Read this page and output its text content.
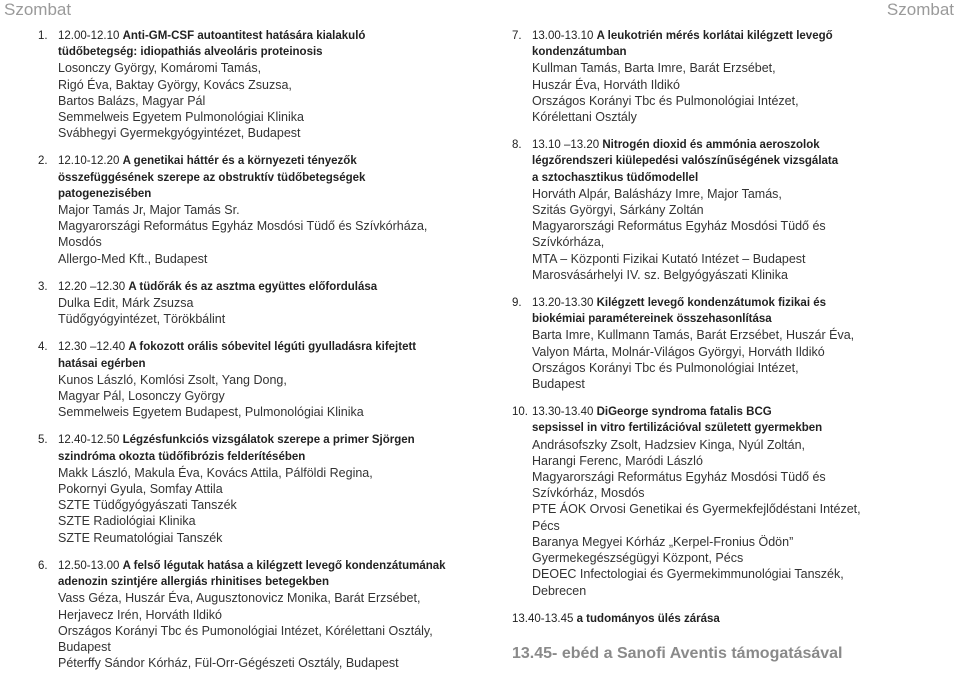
Szombat	Szombat
1. 12.00-12.10 Anti-GM-CSF autoantitest hatására kialakuló
tüdőbetegség: idiopathiás alveoláris proteinosis
Losonczy György, Komáromi Tamás,
Rigó Éva, Baktay György, Kovács Zsuzsa,
Bartos Balázs, Magyar Pál
Semmelweis Egyetem Pulmonológiai Klinika
Svábhegyi Gyermekgyógyintézet, Budapest
2. 12.10-12.20 A genetikai háttér és a környezeti tényezők
összefüggésének szerepe az obstruktív tüdőbetegségek
patogenezisében
Major Tamás Jr, Major Tamás Sr.
Magyarországi Református Egyház Mosdósi Tüdő és Szívkórháza,
Mosdós
Allergo-Med Kft., Budapest
3. 12.20 –12.30 A tüdőrák és az asztma együttes előfordulása
Dulka Edit, Márk Zsuzsa
Tüdőgyógyintézet, Törökbálint
4. 12.30 –12.40 A fokozott orális sóbevitel légúti gyulladásra kifejtett
hatásai egérben
Kunos László, Komlósi Zsolt, Yang Dong,
Magyar Pál, Losonczy György
Semmelweis Egyetem Budapest, Pulmonológiai Klinika
5. 12.40-12.50 Légzésfunkciós vizsgálatok szerepe a primer Sjörgen
szindróma okozta tüdőfibrózis felderítésében
Makk László, Makula Éva, Kovács Attila, Pálföldi Regina,
Pokornyi Gyula, Somfay Attila
SZTE Tüdőgyógyászati Tanszék
SZTE Radiológiai Klinika
SZTE Reumatológiai Tanszék
6. 12.50-13.00 A felső légutak hatása a kilégzett levegő kondenzátumának
adenozin szintjére allergiás rhinitises betegekben
Vass Géza, Huszár Éva, Augusztonovicz Monika, Barát Erzsébet,
Herjavecz Irén, Horváth Ildikó
Országos Korányi Tbc és Pumonológiai Intézet, Kórélettani Osztály,
Budapest
Péterffy Sándor Kórház, Fül-Orr-Gégészeti Osztály, Budapest
7. 13.00-13.10 A leukotrién mérés korlátai kilégzett levegő
kondenzátumban
Kullman Tamás, Barta Imre, Barát Erzsébet,
Huszár Éva, Horváth Ildikó
Országos Korányi Tbc és Pulmonológiai Intézet,
Kórélettani Osztály
8. 13.10 –13.20 Nitrogén dioxid és ammónia aeroszolok
légzőrendszeri kiülepedési valószínűségének vizsgálata
a sztochasztikus tüdőmodellel
Horváth Alpár, Balásházy Imre, Major Tamás,
Szitás Györgyi, Sárkány Zoltán
Magyarországi Református Egyház Mosdósi Tüdő és
Szívkórháza,
MTA – Központi Fizikai Kutató Intézet – Budapest
Marosvásárhelyi IV. sz. Belgyógyászati Klinika
9. 13.20-13.30 Kilégzett levegő kondenzátumok fizikai és
biokémiai paramétereinek összehasonlítása
Barta Imre, Kullmann Tamás, Barát Erzsébet, Huszár Éva,
Valyon Márta, Molnár-Világos Györgyi, Horváth Ildikó
Országos Korányi Tbc és Pulmonológiai Intézet,
Budapest
10. 13.30-13.40 DiGeorge syndroma fatalis BCG
sepsissel in vitro fertilizációval született gyermekben
Andrásofszky Zsolt, Hadzsiev Kinga, Nyúl Zoltán,
Harangi Ferenc, Maródi László
Magyarországi Református Egyház Mosdósi Tüdő és
Szívkórház, Mosdós
PTE ÁOK Orvosi Genetikai és Gyermekfejlődéstani Intézet,
Pécs
Baranya Megyei Kórház „Kerpel-Fronius Ödön”
Gyermekegészségügyi Központ, Pécs
DEOEC Infectologiai és Gyermekimmunológiai Tanszék,
Debrecen
13.40-13.45 a tudományos ülés zárása
13.45- ebéd a Sanofi Aventis támogatásával
